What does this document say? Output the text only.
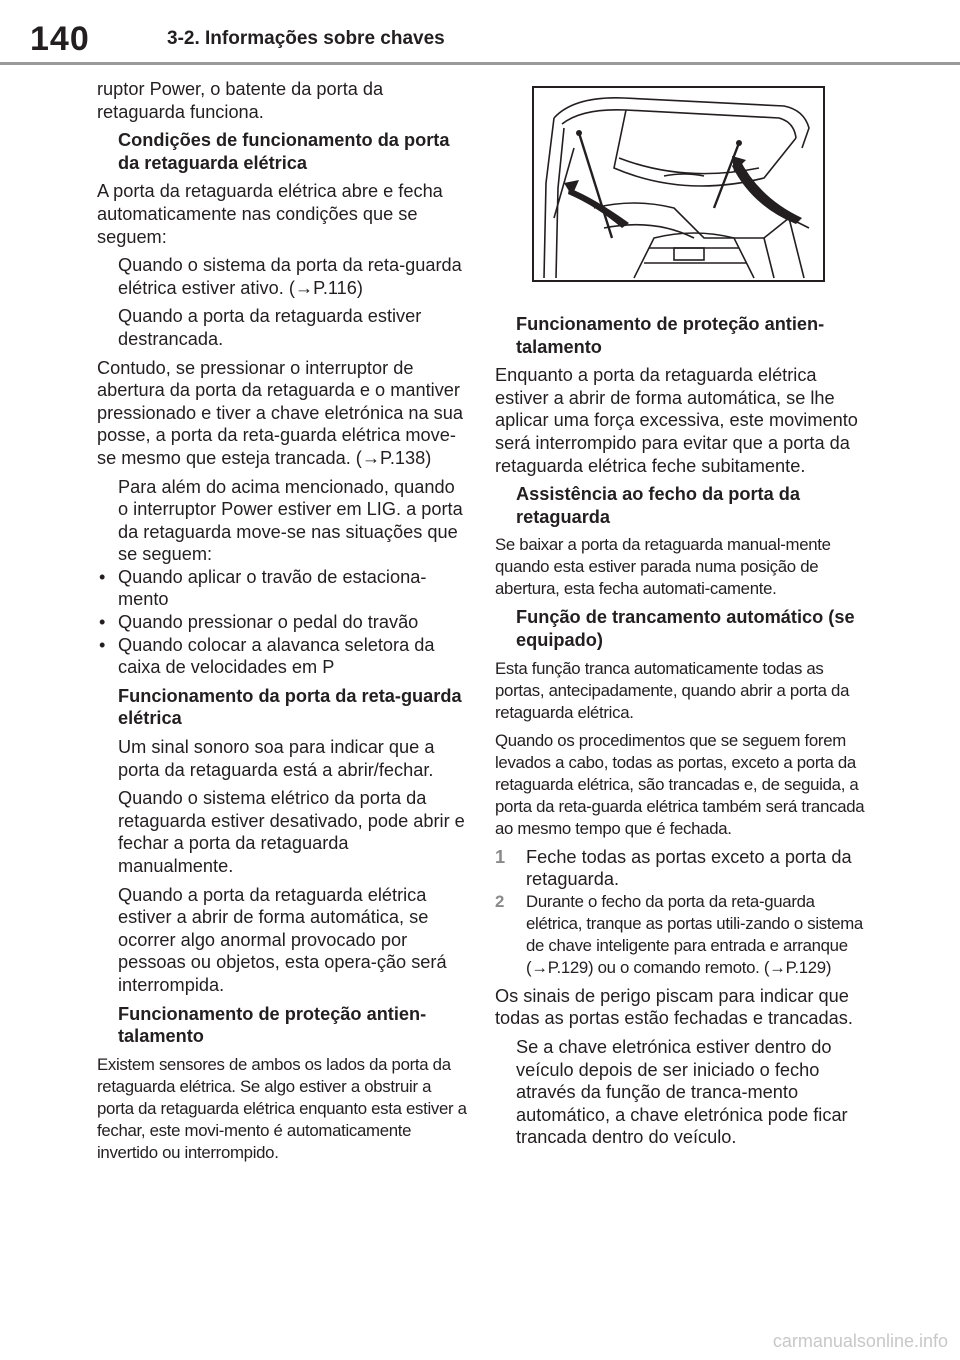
140	3-2. Informações sobre chaves

ruptor Power, o batente da porta da retaguarda funciona.

Condições de funcionamento da porta da retaguarda elétrica

A porta da retaguarda elétrica abre e fecha automaticamente nas condições que se seguem:

Quando o sistema da porta da reta-guarda elétrica estiver ativo. (→P.116)

Quando a porta da retaguarda estiver destrancada.

Contudo, se pressionar o interruptor de abertura da porta da retaguarda e o mantiver pressionado e tiver a chave eletrónica na sua posse, a porta da reta-guarda elétrica move-se mesmo que esteja trancada. (→P.138)

Para além do acima mencionado, quando o interruptor Power estiver em LIG. a porta da retaguarda move-se nas situações que se seguem:

• Quando aplicar o travão de estaciona-mento

• Quando pressionar o pedal do travão

• Quando colocar a alavanca seletora da caixa de velocidades em P

Funcionamento da porta da reta-guarda elétrica

Um sinal sonoro soa para indicar que a porta da retaguarda está a abrir/fechar.

Quando o sistema elétrico da porta da retaguarda estiver desativado, pode abrir e fechar a porta da retaguarda manualmente.

Quando a porta da retaguarda elétrica estiver a abrir de forma automática, se ocorrer algo anormal provocado por pessoas ou objetos, esta opera-ção será interrompida.

Funcionamento de proteção antien-talamento

Existem sensores de ambos os lados da porta da retaguarda elétrica. Se algo estiver a obstruir a porta da retaguarda elétrica enquanto esta estiver a fechar, este movi-mento é automaticamente invertido ou interrompido.

Funcionamento de proteção antien-talamento

Enquanto a porta da retaguarda elétrica estiver a abrir de forma automática, se lhe aplicar uma força excessiva, este movimento será interrompido para evitar que a porta da retaguarda elétrica feche subitamente.

Assistência ao fecho da porta da retaguarda

Se baixar a porta da retaguarda manual-mente quando esta estiver parada numa posição de abertura, esta fecha automati-camente.

Função de trancamento automático (se equipado)

Esta função tranca automaticamente todas as portas, antecipadamente, quando abrir a porta da retaguarda elétrica.

Quando os procedimentos que se seguem forem levados a cabo, todas as portas, exceto a porta da retaguarda elétrica, são trancadas e, de seguida, a porta da reta-guarda elétrica também será trancada ao mesmo tempo que é fechada.

1 Feche todas as portas exceto a porta da retaguarda.

2 Durante o fecho da porta da reta-guarda elétrica, tranque as portas utili-zando o sistema de chave inteligente para entrada e arranque (→P.129) ou o comando remoto. (→P.129)

Os sinais de perigo piscam para indicar que todas as portas estão fechadas e trancadas.

Se a chave eletrónica estiver dentro do veículo depois de ser iniciado o fecho através da função de tranca-mento automático, a chave eletrónica pode ficar trancada dentro do veículo.

carmanualsonline.info
